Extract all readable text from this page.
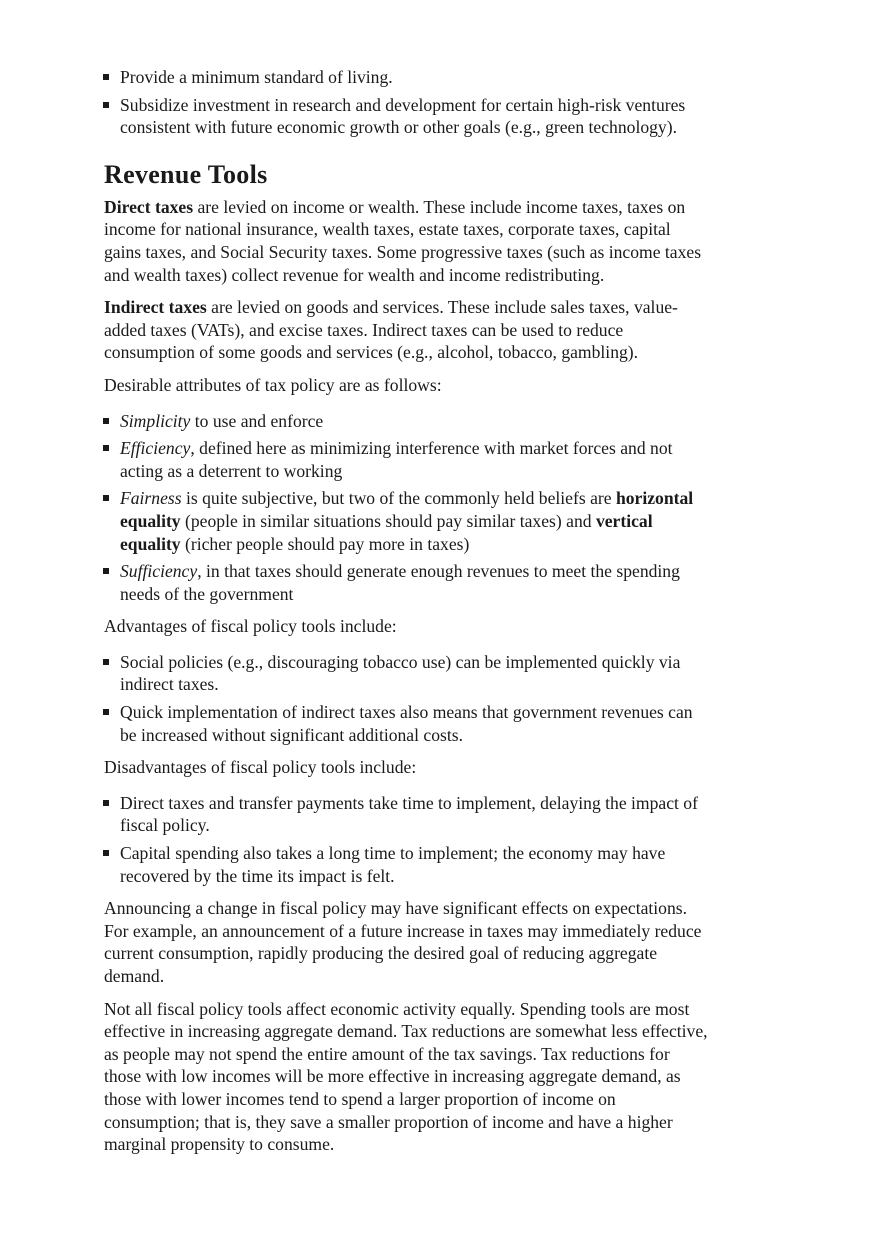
Provide a minimum standard of living.
Subsidize investment in research and development for certain high-risk ventures
consistent with future economic growth or other goals (e.g., green technology).
Revenue Tools
Direct taxes are levied on income or wealth. These include income taxes, taxes on
income for national insurance, wealth taxes, estate taxes, corporate taxes, capital
gains taxes, and Social Security taxes. Some progressive taxes (such as income taxes
and wealth taxes) collect revenue for wealth and income redistributing.
Indirect taxes are levied on goods and services. These include sales taxes, value-
added taxes (VATs), and excise taxes. Indirect taxes can be used to reduce
consumption of some goods and services (e.g., alcohol, tobacco, gambling).
Desirable attributes of tax policy are as follows:
Simplicity to use and enforce
Efficiency, defined here as minimizing interference with market forces and not
acting as a deterrent to working
Fairness is quite subjective, but two of the commonly held beliefs are horizontal
equality (people in similar situations should pay similar taxes) and vertical
equality (richer people should pay more in taxes)
Sufficiency, in that taxes should generate enough revenues to meet the spending
needs of the government
Advantages of fiscal policy tools include:
Social policies (e.g., discouraging tobacco use) can be implemented quickly via
indirect taxes.
Quick implementation of indirect taxes also means that government revenues can
be increased without significant additional costs.
Disadvantages of fiscal policy tools include:
Direct taxes and transfer payments take time to implement, delaying the impact of
fiscal policy.
Capital spending also takes a long time to implement; the economy may have
recovered by the time its impact is felt.
Announcing a change in fiscal policy may have significant effects on expectations.
For example, an announcement of a future increase in taxes may immediately reduce
current consumption, rapidly producing the desired goal of reducing aggregate
demand.
Not all fiscal policy tools affect economic activity equally. Spending tools are most
effective in increasing aggregate demand. Tax reductions are somewhat less effective,
as people may not spend the entire amount of the tax savings. Tax reductions for
those with low incomes will be more effective in increasing aggregate demand, as
those with lower incomes tend to spend a larger proportion of income on
consumption; that is, they save a smaller proportion of income and have a higher
marginal propensity to consume.
